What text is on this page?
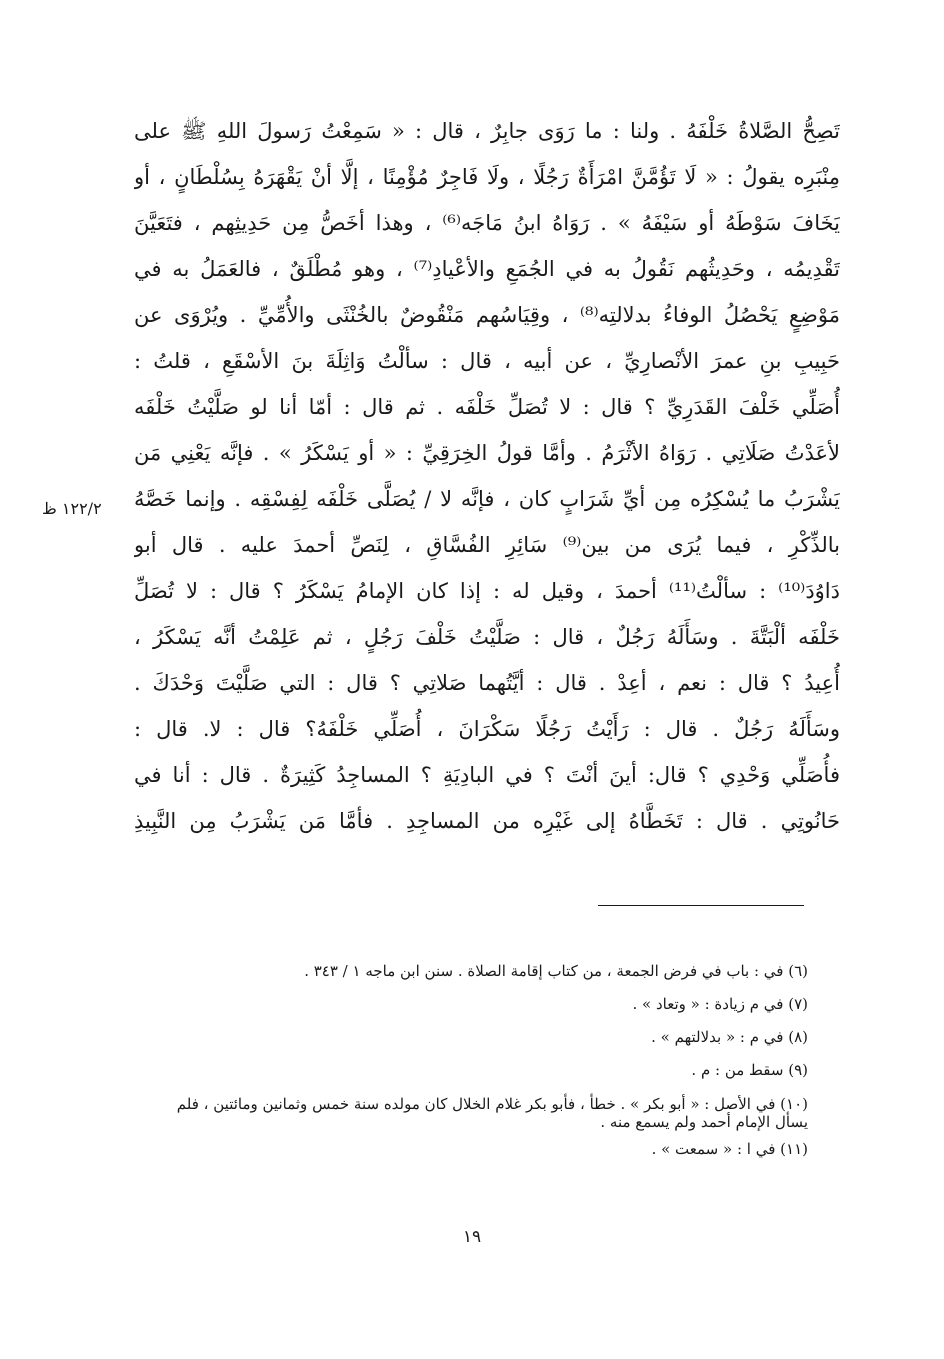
تَصِحُّ الصَّلاةُ خَلْفَهُ . ولنا : ما رَوَى جابِرٌ ، قال : « سَمِعْتُ رَسولَ اللهِ ﷺ على
مِنْبَرِه يقولُ : « لَا تَؤُمَّنَّ امْرَأَةٌ رَجُلًا ، ولَا فَاجِرٌ مُؤْمِنًا ، إلَّا أنْ يَقْهَرَهُ بِسُلْطَانٍ ، أو
يَخَافَ سَوْطَهُ أو سَيْفَهُ » . رَوَاهُ ابنُ مَاجَه⁽⁶⁾ ، وهذا أخَصُّ مِن حَدِيثِهم ، فتَعَيَّنَ
تَقْدِيمُه ، وحَدِيثُهم نَقُولُ به في الجُمَعِ والأعْيادِ⁽⁷⁾ ، وهو مُطْلَقٌ ، فالعَمَلُ به في
مَوْضِعٍ يَحْصُلُ الوفاءُ بدلالتِه⁽⁸⁾ ، وقِيَاسُهم مَنْقُوضٌ بالخُنْثَى والأُمِّيِّ . ويُرْوَى عن
حَبِيبِ بنِ عمرَ الأنْصارِيِّ ، عن أبيه ، قال : سألْتُ وَاثِلَةَ بنَ الأسْقَعِ ، قلتُ :
أُصَلِّي خَلْفَ القَدَرِيِّ ؟ قال : لا تُصَلِّ خَلْفَه . ثم قال : أمّا أنا لو صَلَّيْتُ خَلْفَه
لأعَدْتُ صَلَاتِي . رَوَاهُ الأثْرَمُ . وأمَّا قولُ الخِرَقِيِّ : « أو يَسْكَرُ » . فإنَّه يَعْنِي مَن
يَشْرَبُ ما يُسْكِرُه مِن أيِّ شَرَابٍ كان ، فإنَّه لا / يُصَلَّى خَلْفَه لِفِسْقِه . وإنما خَصَّهُ
بالذِّكْرِ ، فيما يُرَى من بين⁽⁹⁾ سَائِرِ الفُسَّاقِ ، لِنَصِّ أحمدَ عليه . قال أبو
دَاوُدَ⁽¹⁰⁾ : سألْتُ⁽¹¹⁾ أحمدَ ، وقيل له : إذا كان الإمامُ يَسْكَرُ ؟ قال : لا تُصَلِّ
خَلْفَه ألْبَتَّةَ . وسَأَلَهُ رَجُلٌ ، قال : صَلَّيْتُ خَلْفَ رَجُلٍ ، ثم عَلِمْتُ أنَّه يَسْكَرُ ،
أُعِيدُ ؟ قال : نعم ، أعِدْ . قال : أيَّتُهما صَلاتِي ؟ قال : التي صَلَّيْتَ وَحْدَكَ .
وسَأَلَهُ رَجُلٌ . قال : رَأَيْتُ رَجُلًا سَكْرَانَ ، أُصَلِّي خَلْفَهُ؟ قال : لا. قال :
فأُصَلِّي وَحْدِي ؟ قال: أينَ أنْتَ ؟ في البادِيَةِ ؟ المساجِدُ كَثِيرَةٌ . قال : أنا في
حَانُوتِي . قال : تَخَطَّاهُ إلى غَيْرِه من المساجِدِ . فأمَّا مَن يَشْرَبُ مِن النَّبِيذِ
١٢٢/٢ ظ
(٦) في : باب في فرض الجمعة ، من كتاب إقامة الصلاة . سنن ابن ماجه ١ / ٣٤٣ .
(٧) في م زيادة : « وتعاد » .
(٨) في م : « بدلالتهم » .
(٩) سقط من : م .
(١٠) في الأصل : « أبو بكر » . خطأ ، فأبو بكر غلام الخلال كان مولده سنة خمس وثمانين ومائتين ، فلم
يسأل الإمام أحمد ولم يسمع منه .
(١١) في ا : « سمعت » .
١٩
